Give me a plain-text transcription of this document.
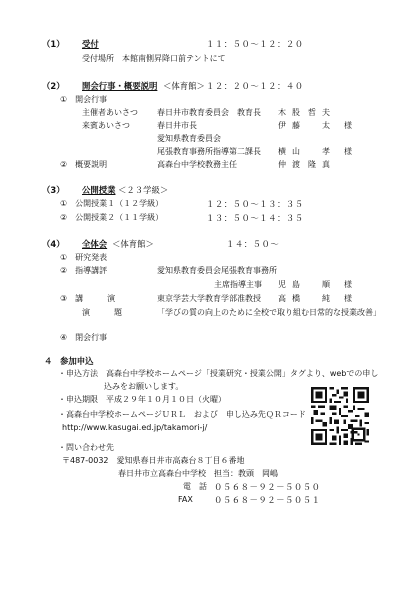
（1） 受付	１１：５０～１２：２０
受付場所　本館南側昇降口前テントにて
（2） 開会行事・概要説明 ＜体育館＞ １２：２０～１２：４０
①　開会行事
主催者あいさつ 春日井市教育委員会　教育長 木 股 哲 夫
来賓あいさつ	春日井市長	伊 藤	太 様
愛知県教育委員会
尾張教育事務所指導第二課長 横 山	孝 様
②　概要説明	高森台中学校教務主任	仲 渡 隆 真
（3） 公開授業 ＜２３学級＞
①　公開授業１（１２学級）	１２：５０～１３：３５
②　公開授業２（１１学級）	１３：５０～１４：３５
（4） 全体会 ＜体育館＞	１４：５０～
①　研究発表
②　指導講評	愛知県教育委員会尾張教育事務所
主席指導主事 児 島	順 様
③　講　　　演	東京学芸大学教育学部准教授 高 橋	純 様
演　　　題	「学びの質の向上のために全校で取り組む日常的な授業改善」
④　閉会行事
４ 参加申込
・申込方法　高森台中学校ホームページ「授業研究・授業公開」タグより、webでの申し
込みをお願いします。
・申込期限　平成２９年１０月１０日（火曜）
・高森台中学校ホームページＵＲＬ　および　申し込み先ＱＲコード
http://www.kasugai.ed.jp/takamori-j/
・問い合わせ先
〒487-0032　愛知県春日井市高森台８丁目６番地
春日井市立高森台中学校　担当：教頭　岡嶋
電　話 ０５６８－９２－５０５０
FAX	０５６８－９２－５０５１
